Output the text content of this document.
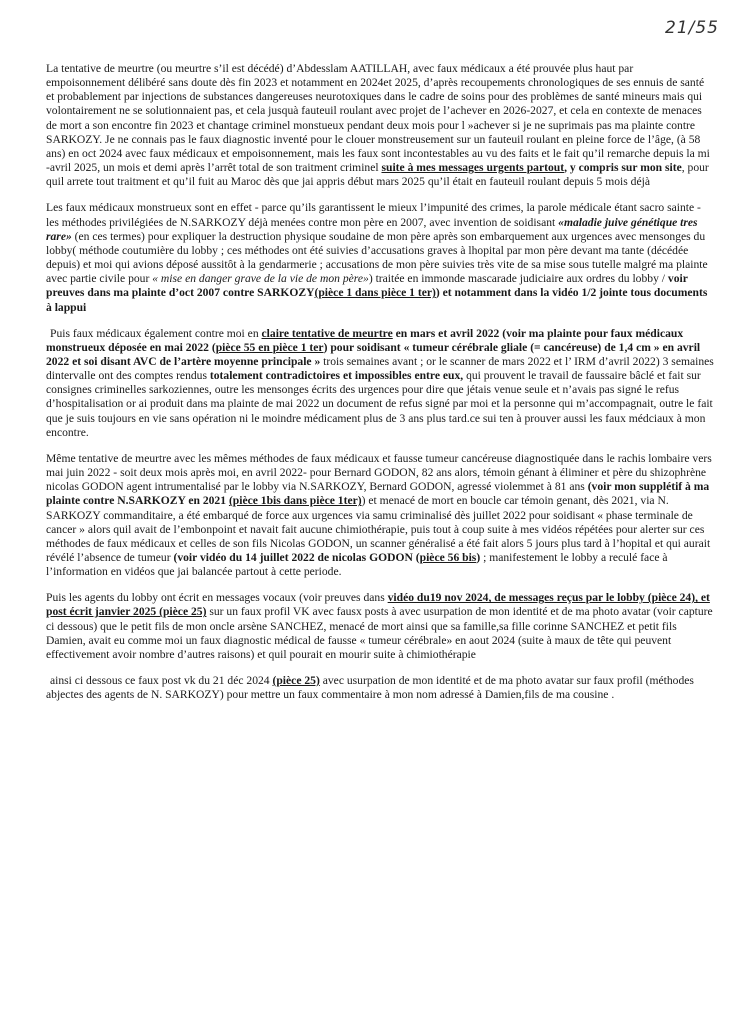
21/55

La tentative de meurtre (ou meurtre s’il est décédé) d’Abdesslam AATILLAH, avec faux médicaux a été prouvée plus haut par empoisonnement délibéré sans doute dès fin 2023 et notamment en 2024et 2025, d’après recoupements chronologiques de ses ennuis de santé et probablement par injections de substances dangereuses neurotoxiques dans le cadre de soins pour des problèmes de santé mineurs mais qui volontairement ne se solutionnaient pas, et cela jusquà fauteuil roulant avec projet de l’achever en 2026-2027, et cela en contexte de menaces de mort a son encontre fin 2023 et chantage criminel monstueux pendant deux mois pour l »achever si je ne suprimais pas ma plainte contre SARKOZY. Je ne connais pas le faux diagnostic inventé pour le clouer monstreusement sur un fauteuil roulant en pleine force de l’âge, (à 58 ans) en oct 2024 avec faux médicaux et empoisonnement, mais les faux sont incontestables au vu des faits et le fait qu’il remarche depuis la mi -avril 2025, un mois et demi après l’arrêt total de son traitment criminel suite à mes messages urgents partout, y compris sur mon site, pour quil arrete tout traitment et qu’il fuit au Maroc dès que jai appris début mars 2025 qu’il était en fauteuil roulant depuis 5 mois déjà

Les faux médicaux monstrueux sont en effet - parce qu’ils garantissent le mieux l’impunité des crimes, la parole médicale étant sacro sainte - les méthodes privilégiées de N.SARKOZY déjà menées contre mon père en 2007, avec invention de soidisant «maladie juive génétique tres rare» (en ces termes) pour expliquer la destruction physique soudaine de mon père après son embarquement aux urgences avec mensonges du lobby( méthode coutumière du lobby ; ces méthodes ont été suivies d’accusations graves à lhopital par mon père devant ma tante (décédée depuis) et moi qui avions déposé aussitôt à la gendarmerie ; accusations de mon père suivies très vite de sa mise sous tutelle malgré ma plainte avec partie civile pour « mise en danger grave de la vie de mon père») traitée en immonde mascarade judiciaire aux ordres du lobby / voir preuves dans ma plainte d’oct 2007 contre SARKOZY(pièce 1 dans pièce 1 ter)) et notamment dans la vidéo 1/2 jointe tous documents à lappui

Puis faux médicaux également contre moi en claire tentative de meurtre en mars et avril 2022 (voir ma plainte pour faux médicaux monstrueux déposée en mai 2022 (pièce 55 en pièce 1 ter) pour soidisant « tumeur cérébrale gliale (= cancéreuse) de 1,4 cm » en avril 2022 et soi disant AVC de l’artère moyenne principale » trois semaines avant ; or le scanner de mars 2022 et l’ IRM d’avril 2022) 3 semaines dintervalle ont des comptes rendus totalement contradictoires et impossibles entre eux, qui prouvent le travail de faussaire bâclé et fait sur consignes criminelles sarkoziennes, outre les mensonges écrits des urgences pour dire que jétais venue seule et n’avais pas signé le refus d’hospitalisation or ai produit dans ma plainte de mai 2022 un document de refus signé par moi et la personne qui m’accompagnait, outre le fait que je suis toujours en vie sans opération ni le moindre médicament plus de 3 ans plus tard.ce sui ten à prouver aussi les faux médciaux à mon encontre.

Même tentative de meurtre avec les mêmes méthodes de faux médicaux et fausse tumeur cancéreuse diagnostiquée dans le rachis lombaire vers mai juin 2022 - soit deux mois après moi, en avril 2022- pour Bernard GODON, 82 ans alors, témoin génant à éliminer et père du shizophrène nicolas GODON agent intrumentalisé par le lobby via N.SARKOZY, Bernard GODON, agressé violemmet à 81 ans (voir mon supplétif à ma plainte contre N.SARKOZY en 2021 (pièce 1bis dans pièce 1ter)) et menacé de mort en boucle car témoin genant, dès 2021, via N. SARKOZY commanditaire, a été embarqué de force aux urgences via samu criminalisé dès juillet 2022 pour soidisant « phase terminale de cancer » alors quil avait de l’embonpoint et navait fait aucune chimiothérapie, puis tout à coup suite à mes vidéos répétées pour alerter sur ces méthodes de faux médicaux et celles de son fils Nicolas GODON, un scanner généralisé a été fait alors 5 jours plus tard à l’hopital et qui aurait révélé l’absence de tumeur (voir vidéo du 14 juillet 2022 de nicolas GODON (pièce 56 bis) ; manifestement le lobby a reculé face à l’information en vidéos que jai balancée partout à cette periode.

Puis les agents du lobby ont écrit en messages vocaux (voir preuves dans vidéo du19 nov 2024, de messages reçus par le lobby (pièce 24), et post écrit janvier 2025 (pièce 25) sur un faux profil VK avec fausx posts à avec usurpation de mon identité et de ma photo avatar (voir capture ci dessous) que le petit fils de mon oncle arsène SANCHEZ, menacé de mort ainsi que sa famille,sa fille corinne SANCHEZ et petit fils Damien, avait eu comme moi un faux diagnostic médical de fausse « tumeur cérébrale» en aout 2024 (suite à maux de tête qui peuvent effectivement avoir nombre d’autres raisons) et quil pourait en mourir suite à chimiothérapie

ainsi ci dessous ce faux post vk du 21 déc 2024 (pièce 25) avec usurpation de mon identité et de ma photo avatar sur faux profil (méthodes abjectes des agents de N. SARKOZY) pour mettre un faux commentaire à mon nom adressé à Damien,fils de ma cousine .
